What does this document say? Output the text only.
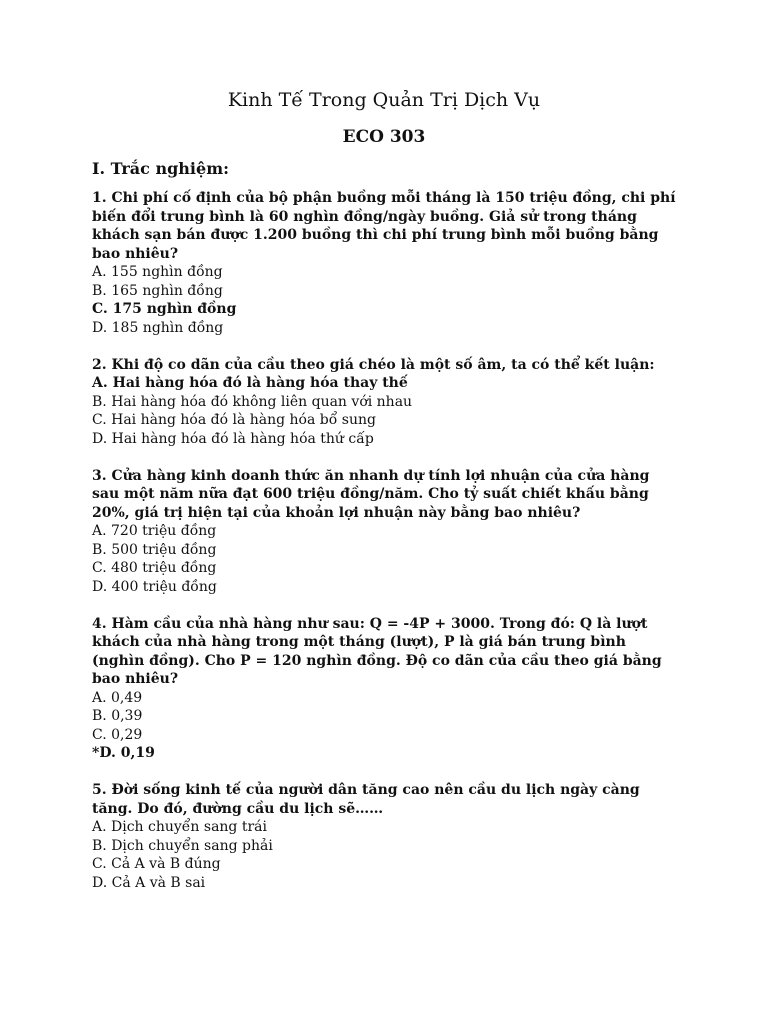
Kinh Tế Trong Quản Trị Dịch Vụ
ECO 303
I. Trắc nghiệm:
1. Chi phí cố định của bộ phận buồng mỗi tháng là 150 triệu đồng, chi phí biến đổi trung bình là 60 nghìn đồng/ngày buồng. Giả sử trong tháng khách sạn bán được 1.200 buồng thì chi phí trung bình mỗi buồng bằng bao nhiêu?
A. 155 nghìn đồng
B. 165 nghìn đồng
C. 175 nghìn đồng
D. 185 nghìn đồng
2. Khi độ co dãn của cầu theo giá chéo là một số âm, ta có thể kết luận:
A. Hai hàng hóa đó là hàng hóa thay thế
B. Hai hàng hóa đó không liên quan với nhau
C. Hai hàng hóa đó là hàng hóa bổ sung
D. Hai hàng hóa đó là hàng hóa thứ cấp
3. Cửa hàng kinh doanh thức ăn nhanh dự tính lợi nhuận của cửa hàng sau một năm nữa đạt 600 triệu đồng/năm. Cho tỷ suất chiết khấu bằng 20%, giá trị hiện tại của khoản lợi nhuận này bằng bao nhiêu?
A. 720 triệu đồng
B. 500 triệu đồng
C. 480 triệu đồng
D. 400 triệu đồng
4. Hàm cầu của nhà hàng như sau: Q = -4P + 3000. Trong đó: Q là lượt khách của nhà hàng trong một tháng (lượt), P là giá bán trung bình (nghìn đồng). Cho P = 120 nghìn đồng. Độ co dãn của cầu theo giá bằng bao nhiêu?
A. 0,49
B. 0,39
C. 0,29
*D. 0,19
5. Đời sống kinh tế của người dân tăng cao nên cầu du lịch ngày càng tăng. Do đó, đường cầu du lịch sẽ……
A. Dịch chuyển sang trái
B. Dịch chuyển sang phải
C. Cả A và B đúng
D. Cả A và B sai
